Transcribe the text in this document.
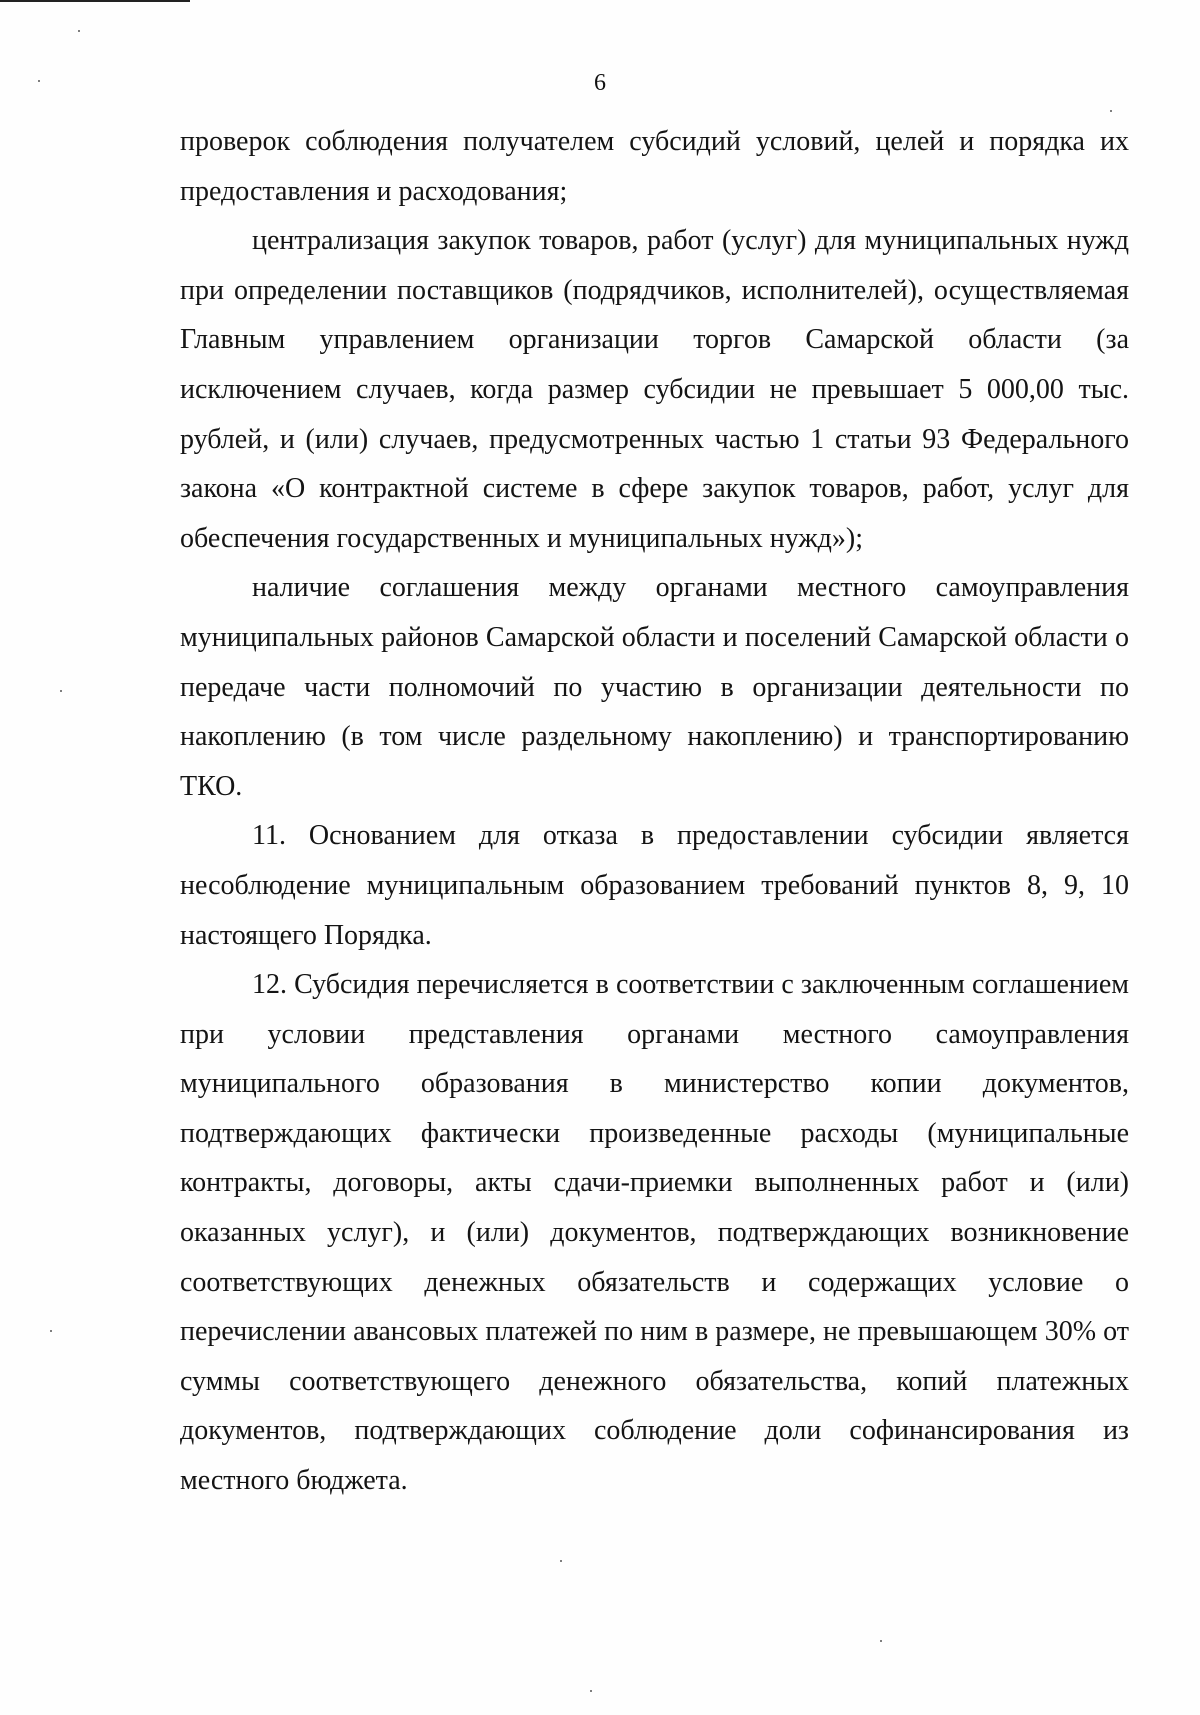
6

проверок соблюдения получателем субсидий условий, целей и порядка их предоставления и расходования;

централизация закупок товаров, работ (услуг) для муниципальных нужд при определении поставщиков (подрядчиков, исполнителей), осуществляемая Главным управлением организации торгов Самарской области (за исключением случаев, когда размер субсидии не превышает 5 000,00 тыс. рублей, и (или) случаев, предусмотренных частью 1 статьи 93 Федерального закона «О контрактной системе в сфере закупок товаров, работ, услуг для обеспечения государственных и муниципальных нужд»);

наличие соглашения между органами местного самоуправления муниципальных районов Самарской области и поселений Самарской области о передаче части полномочий по участию в организации деятельности по накоплению (в том числе раздельному накоплению) и транспортированию ТКО.

11. Основанием для отказа в предоставлении субсидии является несоблюдение муниципальным образованием требований пунктов 8, 9, 10 настоящего Порядка.

12. Субсидия перечисляется в соответствии с заключенным соглашением при условии представления органами местного самоуправления муниципального образования в министерство копии документов, подтверждающих фактически произведенные расходы (муниципальные контракты, договоры, акты сдачи-приемки выполненных работ и (или) оказанных услуг), и (или) документов, подтверждающих возникновение соответствующих денежных обязательств и содержащих условие о перечислении авансовых платежей по ним в размере, не превышающем 30% от суммы соответствующего денежного обязательства, копий платежных документов, подтверждающих соблюдение доли софинансирования из местного бюджета.
